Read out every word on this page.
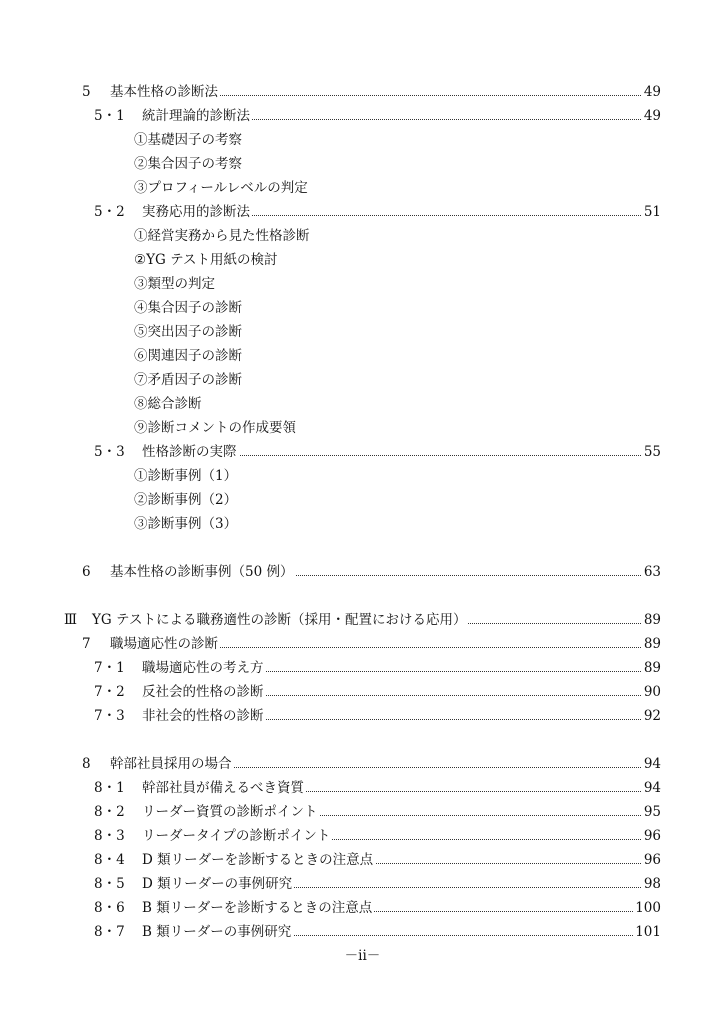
5 基本性格の診断法	49
5・1 統計理論的診断法	49
①基礎因子の考察
②集合因子の考察
③プロフィールレベルの判定
5・2 実務応用的診断法	51
①経営実務から見た性格診断
②YG テスト用紙の検討
③類型の判定
④集合因子の診断
⑤突出因子の診断
⑥関連因子の診断
⑦矛盾因子の診断
⑧総合診断
⑨診断コメントの作成要領
5・3 性格診断の実際	55
①診断事例（1）
②診断事例（2）
③診断事例（3）
6 基本性格の診断事例（50 例）	63
Ⅲ YG テストによる職務適性の診断（採用・配置における応用）	89
7 職場適応性の診断	89
7・1 職場適応性の考え方	89
7・2 反社会的性格の診断	90
7・3 非社会的性格の診断	92
8 幹部社員採用の場合	94
8・1 幹部社員が備えるべき資質	94
8・2 リーダー資質の診断ポイント	95
8・3 リーダータイプの診断ポイント	96
8・4 D 類リーダーを診断するときの注意点	96
8・5 D 類リーダーの事例研究	98
8・6 B 類リーダーを診断するときの注意点	100
8・7 B 類リーダーの事例研究	101
－ii－
